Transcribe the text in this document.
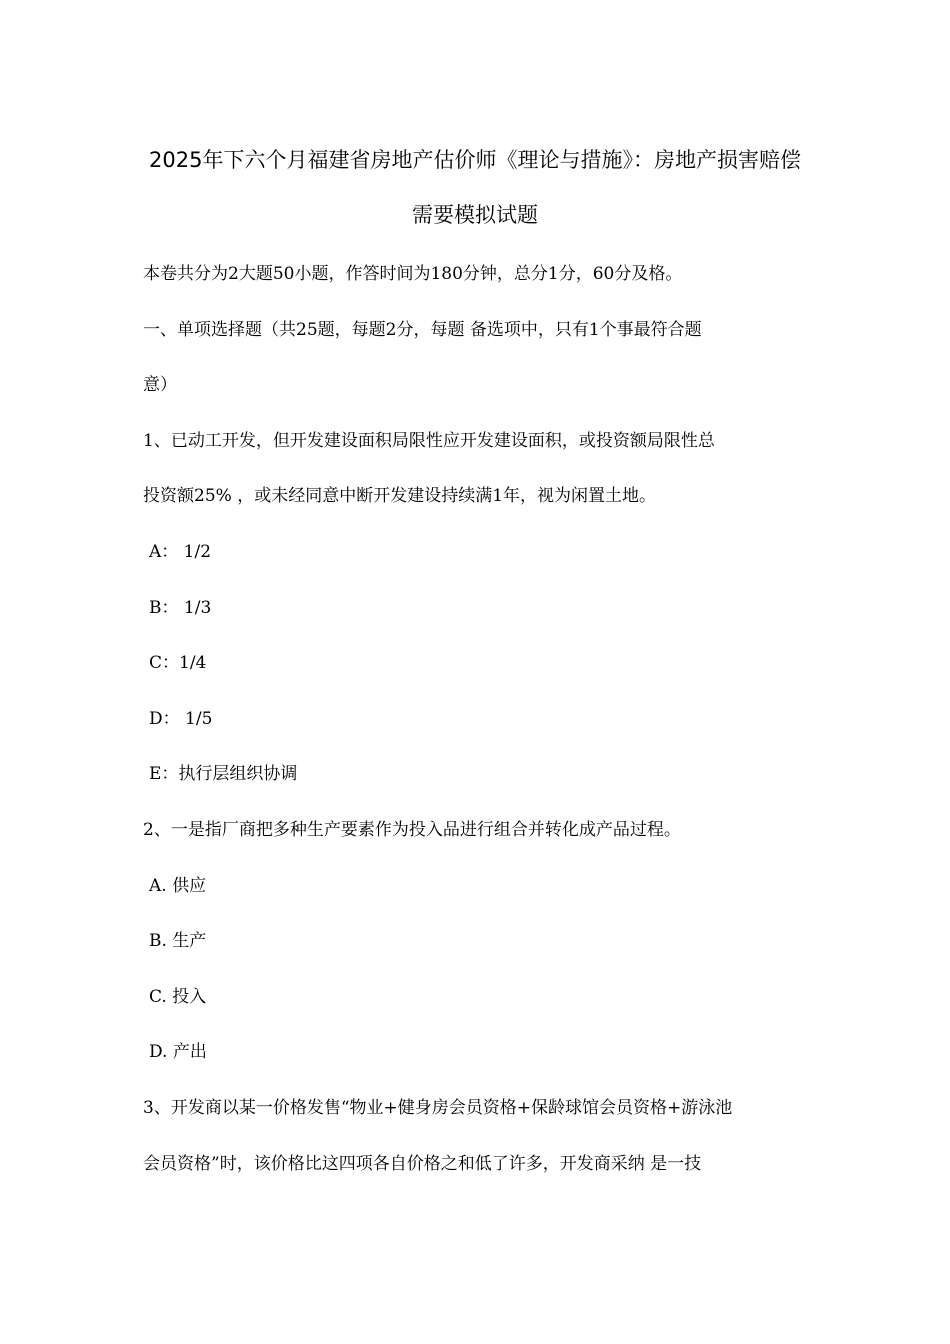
2025年下六个月福建省房地产估价师《理论与措施》：房地产损害赔偿
需要模拟试题
本卷共分为2大题50小题，作答时间为180分钟，总分1分，60分及格。
一、单项选择题（共25题，每题2分，每题 备选项中，只有1个事最符合题
意）
1、已动工开发，但开发建设面积局限性应开发建设面积，或投资额局限性总
投资额25% ，或未经同意中断开发建设持续满1年，视为闲置土地。
A： 1/2
B： 1/3
C：1/4
D： 1/5
E：执行层组织协调
2、一是指厂商把多种生产要素作为投入品进行组合并转化成产品过程。
A. 供应
B. 生产
C. 投入
D. 产出
3、开发商以某一价格发售“物业+健身房会员资格+保龄球馆会员资格+游泳池
会员资格”时，该价格比这四项各自价格之和低了许多，开发商采纳 是一技
